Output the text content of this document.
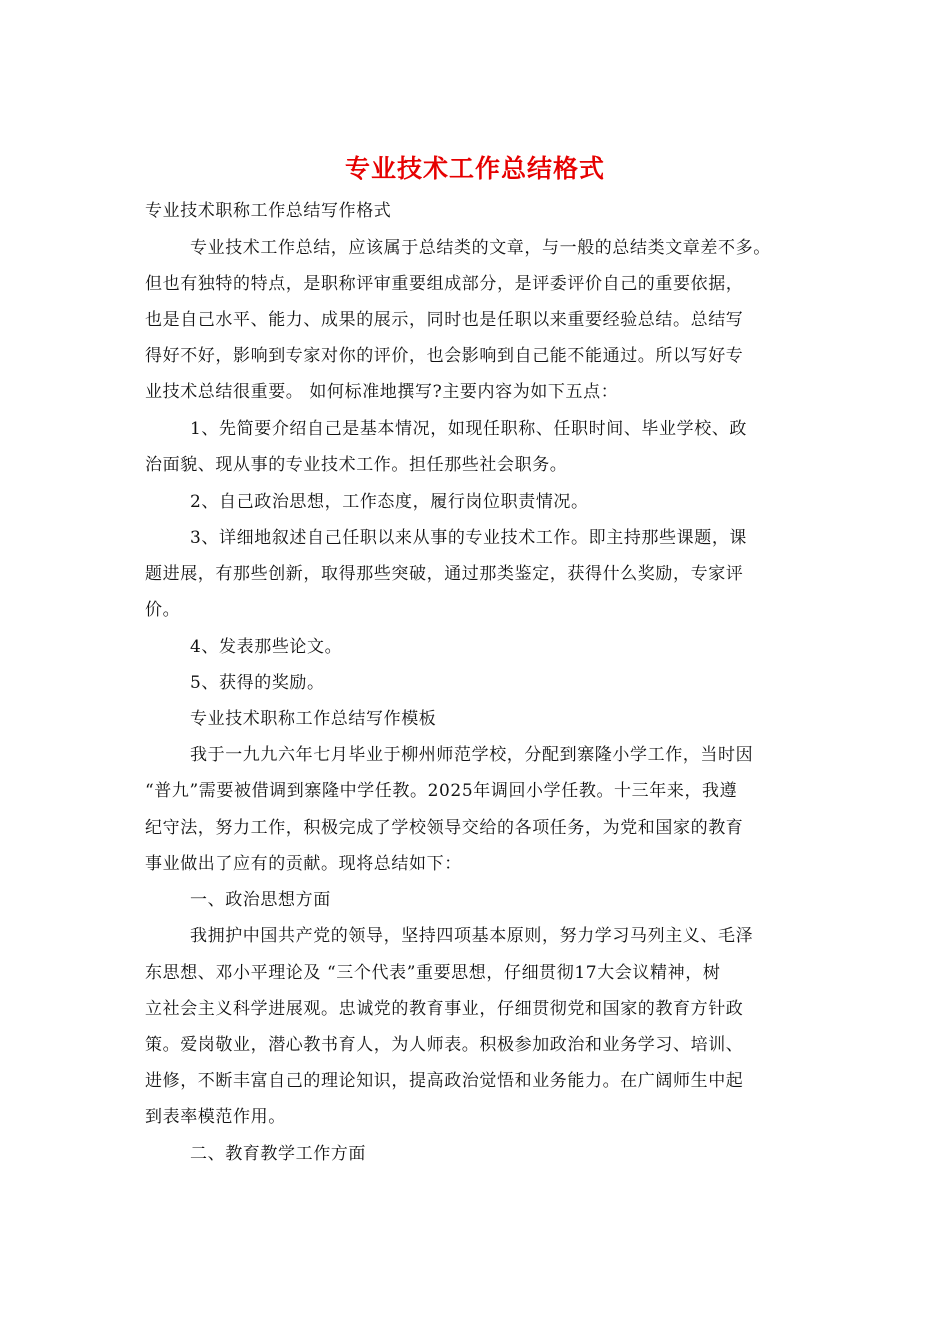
专业技术工作总结格式
专业技术职称工作总结写作格式
专业技术工作总结，应该属于总结类的文章，与一般的总结类文章差不多。
但也有独特的特点，是职称评审重要组成部分，是评委评价自己的重要依据，
也是自己水平、能力、成果的展示，同时也是任职以来重要经验总结。总结写
得好不好，影响到专家对你的评价，也会影响到自己能不能通过。所以写好专
业技术总结很重要。 如何标准地撰写?主要内容为如下五点：
1、先简要介绍自己是基本情况，如现任职称、任职时间、毕业学校、政
治面貌、现从事的专业技术工作。担任那些社会职务。
2、自己政治思想，工作态度，履行岗位职责情况。
3、详细地叙述自己任职以来从事的专业技术工作。即主持那些课题，课
题进展，有那些创新，取得那些突破，通过那类鉴定，获得什么奖励，专家评
价。
4、发表那些论文。
5、获得的奖励。
专业技术职称工作总结写作模板
我于一九九六年七月毕业于柳州师范学校，分配到寨隆小学工作，当时因
“普九”需要被借调到寨隆中学任教。2025年调回小学任教。十三年来，我遵
纪守法，努力工作，积极完成了学校领导交给的各项任务，为党和国家的教育
事业做出了应有的贡献。现将总结如下：
一、政治思想方面
我拥护中国共产党的领导，坚持四项基本原则，努力学习马列主义、毛泽
东思想、邓小平理论及 “三个代表”重要思想，仔细贯彻17大会议精神，树
立社会主义科学进展观。忠诚党的教育事业，仔细贯彻党和国家的教育方针政
策。爱岗敬业，潜心教书育人，为人师表。积极参加政治和业务学习、培训、
进修，不断丰富自己的理论知识，提高政治觉悟和业务能力。在广阔师生中起
到表率模范作用。
二、教育教学工作方面
